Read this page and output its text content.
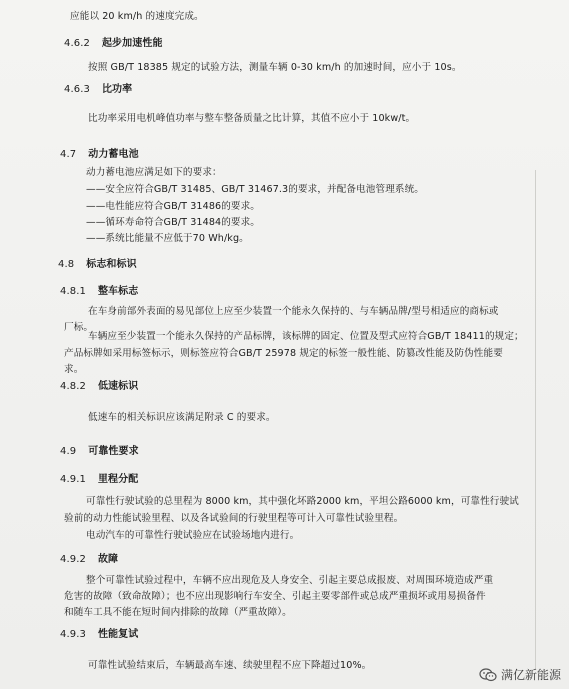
应能以 20 km/h 的速度完成。
4.6.2 起步加速性能
按照 GB/T 18385 规定的试验方法，测量车辆 0-30 km/h 的加速时间，应小于 10s。
4.6.3 比功率
比功率采用电机峰值功率与整车整备质量之比计算，其值不应小于 10kw/t。
4.7 动力蓄电池
动力蓄电池应满足如下的要求：
——安全应符合GB/T 31485、GB/T 31467.3的要求，并配备电池管理系统。
——电性能应符合GB/T 31486的要求。
——循环寿命符合GB/T 31484的要求。
——系统比能量不应低于70 Wh/kg。
4.8 标志和标识
4.8.1 整车标志
在车身前部外表面的易见部位上应至少装置一个能永久保持的、与车辆品牌/型号相适应的商标或
厂标。
车辆应至少装置一个能永久保持的产品标牌，该标牌的固定、位置及型式应符合GB/T 18411的规定；
产品标牌如采用标签标示，则标签应符合GB/T 25978 规定的标签一般性能、防篡改性能及防伪性能要
求。
4.8.2 低速标识
低速车的相关标识应该满足附录 C 的要求。
4.9 可靠性要求
4.9.1 里程分配
可靠性行驶试验的总里程为 8000 km，其中强化坏路2000 km，平坦公路6000 km，可靠性行驶试
验前的动力性能试验里程、以及各试验间的行驶里程等可计入可靠性试验里程。
电动汽车的可靠性行驶试验应在试验场地内进行。
4.9.2 故障
整个可靠性试验过程中，车辆不应出现危及人身安全、引起主要总成报废、对周围环境造成严重
危害的故障（致命故障）；也不应出现影响行车安全、引起主要零部件或总成严重损坏或用易损备件
和随车工具不能在短时间内排除的故障（严重故障）。
4.9.3 性能复试
可靠性试验结束后，车辆最高车速、续驶里程不应下降超过10%。
满亿新能源
